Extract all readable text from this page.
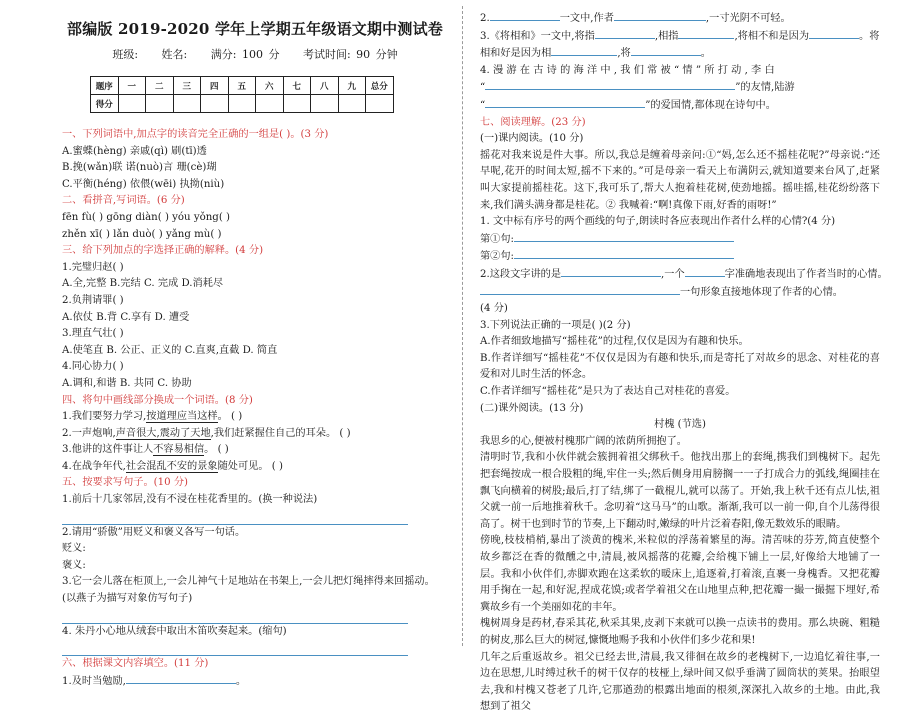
部编版 2019-2020 学年上学期五年级语文期中测试卷
班级: 姓名: 满分: 100 分 考试时间: 90 分钟
题序	一	二	三	四	五	六	七	八	九	总分
得分										
一、下列词语中,加点字的读音完全正确的一组是( )。(3 分)
A.蜜蝶(hèng) 亲戚(qì) 刷(tī)透
B.挽(wǎn)联 诺(nuò)言 珊(cè)瑚
C.平衡(héng) 依偎(wēi) 执拗(niù)
二、看拼音,写词语。(6 分)
fēn fù( ) gōng diàn( ) yóu yǒng( )
zhěn xī( ) lǎn duò( ) yǎng mù( )
三、给下列加点的字选择正确的解释。(4 分)
1.完璧归赵( )
A.全,完整 B.完结 C. 完成 D.消耗尽
2.负荆请罪( )
A.依仗 B.背 C.享有 D. 遭受
3.理直气壮( )
A.使笔直 B. 公正、正义的 C.直爽,直截 D. 简直
4.同心协力( )
A.调和,和谐 B. 共同 C. 协助
四、将句中画线部分换成一个词语。(8 分)
1.我们要努力学习,按道理应当这样。 ( )
2.一声炮响,声音很大,震动了天地,我们赶紧握住自己的耳朵。 ( )
3.他讲的这件事让人不容易相信。 ( )
4.在战争年代,社会混乱不安的景象随处可见。 ( )
五、按要求写句子。(10 分)
1.前后十几家邻居,没有不浸在桂花香里的。(换一种说法)
2.请用“骄傲”用贬义和褒义各写一句话。
贬义:
褒义:
3.它一会儿落在柜顶上,一会儿神气十足地站在书架上,一会儿把灯绳摔得来回摇动。
(以燕子为描写对象仿写句子)
4. 朱丹小心地从绒套中取出木笛吹奏起来。(缩句)
六、根据课文内容填空。(11 分)
1.及时当勉励,	。
2.	一文中,作者	,一寸光阴不可轻。
3.《将相和》一文中,将指	,相指	,将相不和是因为	。将
相和好是因为相	,将	。
4. 漫 游 在 古 诗 的 海 洋 中 , 我 们 常 被 “ 情 ” 所 打 动 , 李 白
“	”的友情,陆游
“	”的爱国情,都体现在诗句中。
七、阅读理解。(23 分)
(一)课内阅读。(10 分)
摇花对我来说是件大事。所以,我总是缠着母亲问:①“妈,怎么还不摇桂花呢?”母亲说:“还早呢,花开的时间太短,摇不下来的。”可是母亲一看天上布满阴云,就知道要来台风了,赶紧叫大家提前摇桂花。这下,我可乐了,帮大人抱着桂花树,使劲地摇。摇哇摇,桂花纷纷落下来,我们满头满身都是桂花。② 我喊着:“啊!真像下雨,好香的雨呀!”
1. 文中标有序号的两个画线的句子,朗读时各应表现出作者什么样的心情?(4 分)
第①句:
第②句:
2.这段文字讲的是	,一个	字准确地表现出了作者当时的心情。
一句形象直接地体现了作者的心情。
(4 分)
3.下列说法正确的一项是( )(2 分)
A.作者细致地描写“摇桂花”的过程,仅仅是因为有趣和快乐。
B.作者详细写“摇桂花”不仅仅是因为有趣和快乐,而是寄托了对故乡的思念、对桂花的喜爱和对儿时生活的怀念。
C.作者详细写“摇桂花”是只为了表达自己对桂花的喜爱。
(二)课外阅读。(13 分)
村槐 (节选)
我思乡的心,便被村槐那广阔的浓荫所拥抱了。
清明时节,我和小伙伴就会簇拥着祖父绑秋千。他找出那上的套绳,携我们到槐树下。起先把套绳按成一根合股粗的绳,牢住一头;然后侧身用肩膀搁一一子打成合力的弧线,绳圈挂在飘飞向横着的树股;最后,打了结,绑了一截棍儿,就可以荡了。开始,我上秋千还有点儿怯,祖父就一前一后地推着秋千。念叨着“这马马”的山歌。渐渐,我可以一前一仰,自个儿荡得很高了。树干也到时节的节奏,上下翻动时,嫩绿的叶片泛着春阳,像无数效乐的眼睛。
傍晚,枝枝梢梢,暴出了淡黄的槐米,米粒似的浮荡着繁星的海。清苦味的芬芳,简直使整个故乡都泛在香的微醺之中,清晨,被风摇落的花瓣,会给槐下铺上一层,好像给大地铺了一层。我和小伙伴们,赤脚欢跑在这柔软的暖床上,追逐着,打着滚,直裹一身槐香。又把花瓣用手掬在一起,和好泥,捏成花馍;或者学着祖父在山地里点种,把花瓣一撮一撮掘下埋好,希冀故乡有一个美丽如花的丰年。
槐树周身是药材,春采其花,秋采其果,皮剥下来就可以换一点读书的费用。那么块碗、粗糙的树皮,那么巨大的树冠,慷慨地赐予我和小伙伴们多少花和果!
几年之后重返故乡。祖父已经去世,清晨,我又徘徊在故乡的老槐树下,一边追忆着往事,一边在思想,儿时缚过秋千的树干仅存的枝桠上,绿叶间又似乎垂满了圆筒状的荚果。抬眼望去,我和村槐又苍老了几许,它那遒劲的根露出地面的根须,深深扎入故乡的土地。由此,我想到了祖父
